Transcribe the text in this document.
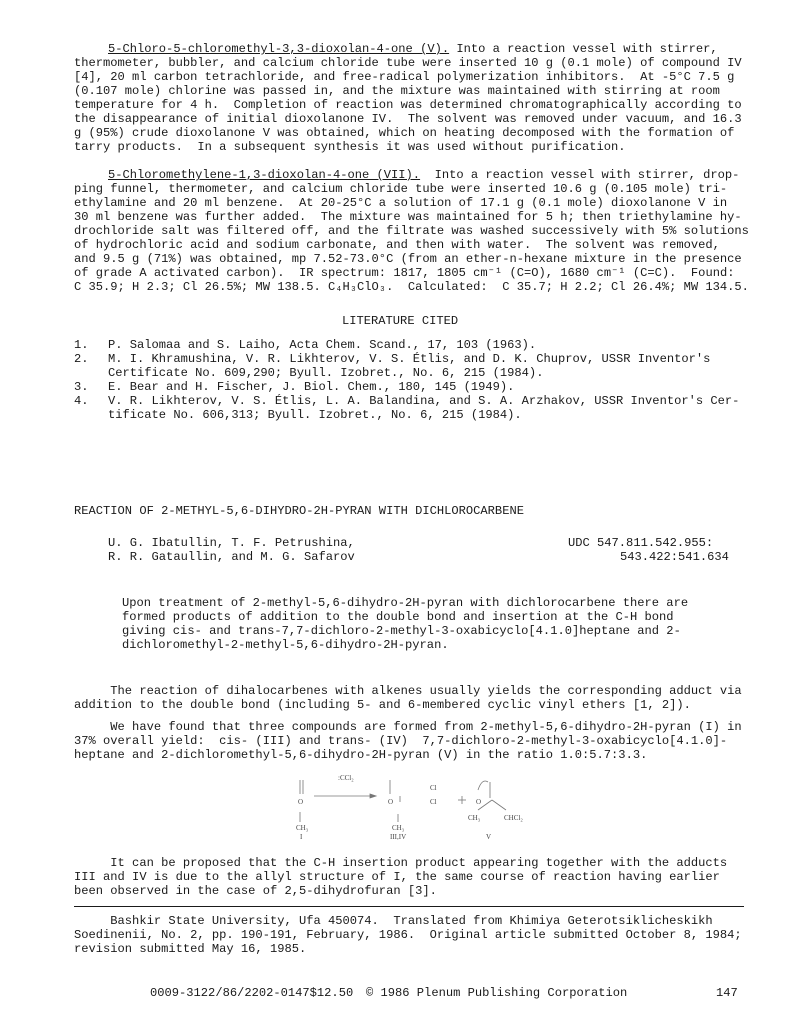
5-Chloro-5-chloromethyl-3,3-dioxolan-4-one (V). Into a reaction vessel with stirrer,
thermometer, bubbler, and calcium chloride tube were inserted 10 g (0.1 mole) of compound IV
[4], 20 ml carbon tetrachloride, and free-radical polymerization inhibitors.  At -5°C 7.5 g
(0.107 mole) chlorine was passed in, and the mixture was maintained with stirring at room
temperature for 4 h.  Completion of reaction was determined chromatographically according to
the disappearance of initial dioxolanone IV.  The solvent was removed under vacuum, and 16.3
g (95%) crude dioxolanone V was obtained, which on heating decomposed with the formation of
tarry products.  In a subsequent synthesis it was used without purification.
5-Chloromethylene-1,3-dioxolan-4-one (VII).  Into a reaction vessel with stirrer, drop-
ping funnel, thermometer, and calcium chloride tube were inserted 10.6 g (0.105 mole) tri-
ethylamine and 20 ml benzene.  At 20-25°C a solution of 17.1 g (0.1 mole) dioxolanone V in
30 ml benzene was further added.  The mixture was maintained for 5 h; then triethylamine hy-
drochloride salt was filtered off, and the filtrate was washed successively with 5% solutions
of hydrochloric acid and sodium carbonate, and then with water.  The solvent was removed,
and 9.5 g (71%) was obtained, mp 7.52-73.0°C (from an ether-n-hexane mixture in the presence
of grade A activated carbon).  IR spectrum: 1817, 1805 cm⁻¹ (C=O), 1680 cm⁻¹ (C=C).  Found:
C 35.9; H 2.3; Cl 26.5%; MW 138.5. C₄H₃ClO₃.  Calculated:  C 35.7; H 2.2; Cl 26.4%; MW 134.5.
LITERATURE CITED
1. P. Salomaa and S. Laiho, Acta Chem. Scand., 17, 103 (1963).
2. M. I. Khramushina, V. R. Likhterov, V. S. Étlis, and D. K. Chuprov, USSR Inventor's
Certificate No. 609,290; Byull. Izobret., No. 6, 215 (1984).
3. E. Bear and H. Fischer, J. Biol. Chem., 180, 145 (1949).
4. V. R. Likhterov, V. S. Étlis, L. A. Balandina, and S. A. Arzhakov, USSR Inventor's Cer-
tificate No. 606,313; Byull. Izobret., No. 6, 215 (1984).
REACTION OF 2-METHYL-5,6-DIHYDRO-2H-PYRAN WITH DICHLOROCARBENE
U. G. Ibatullin, T. F. Petrushina,
R. R. Gataullin, and M. G. Safarov
UDC 547.811.542.955:
543.422:541.634
Upon treatment of 2-methyl-5,6-dihydro-2H-pyran with dichlorocarbene there are
formed products of addition to the double bond and insertion at the C-H bond
giving cis- and trans-7,7-dichloro-2-methyl-3-oxabicyclo[4.1.0]heptane and 2-
dichloromethyl-2-methyl-5,6-dihydro-2H-pyran.
The reaction of dihalocarbenes with alkenes usually yields the corresponding adduct via
addition to the double bond (including 5- and 6-membered cyclic vinyl ethers [1, 2]).
We have found that three compounds are formed from 2-methyl-5,6-dihydro-2H-pyran (I) in
37% overall yield:  cis- (III) and trans- (IV)  7,7-dichloro-2-methyl-3-oxabicyclo[4.1.0]-
heptane and 2-dichloromethyl-5,6-dihydro-2H-pyran (V) in the ratio 1.0:5.7:3.3.
:CCl₂
O	O
Cl
Cl	O
CH₃	CH₃
CH₃	CHCl₂
I	III,IV	V
It can be proposed that the C-H insertion product appearing together with the adducts
III and IV is due to the allyl structure of I, the same course of reaction having earlier
been observed in the case of 2,5-dihydrofuran [3].
Bashkir State University, Ufa 450074.  Translated from Khimiya Geterotsiklicheskikh
Soedinenii, No. 2, pp. 190-191, February, 1986.  Original article submitted October 8, 1984;
revision submitted May 16, 1985.
0009-3122/86/2202-0147$12.50 © 1986 Plenum Publishing Corporation	147
